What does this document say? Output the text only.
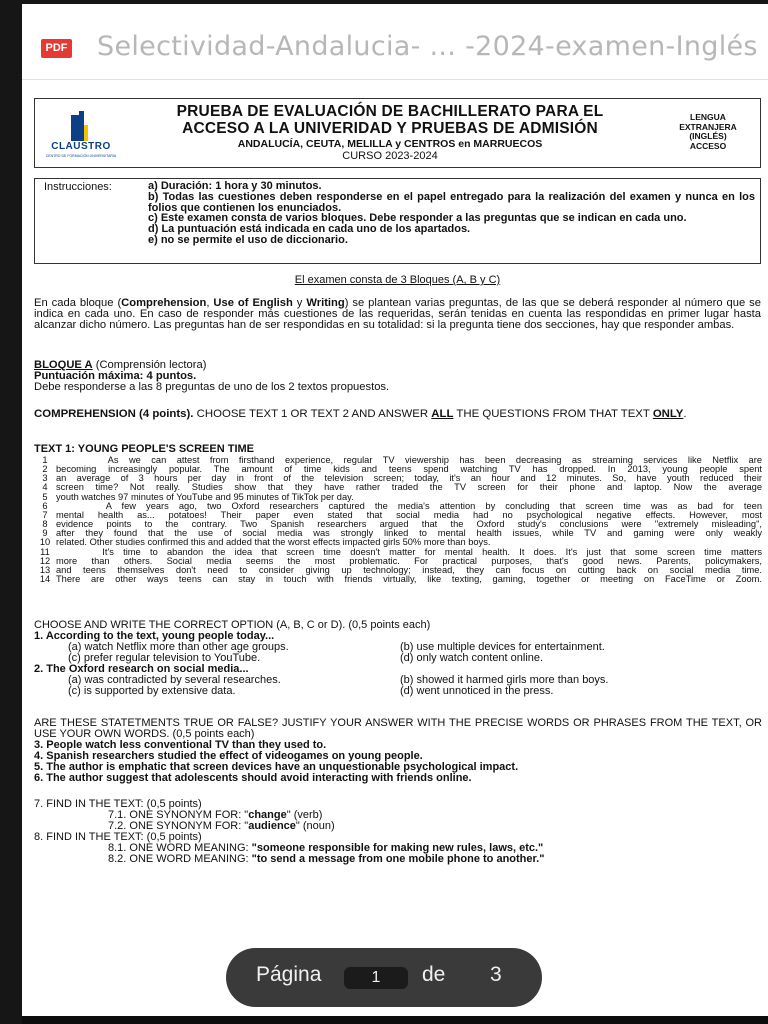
PDF Selectividad-Andalucia- ... -2024-examen-Inglés
CLAUSTRO
CENTRO DE FORMACIÓN UNIVERSITARIA
PRUEBA DE EVALUACIÓN DE BACHILLERATO PARA EL
ACCESO A LA UNIVERIDAD Y PRUEBAS DE ADMISIÓN
ANDALUCÍA, CEUTA, MELILLA y CENTROS en MARRUECOS
CURSO 2023-2024
LENGUA
EXTRANJERA
(INGLÉS)
ACCESO
Instrucciones:	a) Duración: 1 hora y 30 minutos.
b) Todas las cuestiones deben responderse en el papel entregado para la realización del examen y nunca en los folios que contienen los enunciados.
c) Este examen consta de varios bloques. Debe responder a las preguntas que se indican en cada uno.
d) La puntuación está indicada en cada uno de los apartados.
e) no se permite el uso de diccionario.
El examen consta de 3 Bloques (A, B y C)
En cada bloque (Comprehension, Use of English y Writing) se plantean varias preguntas, de las que se deberá responder al número que se indica en cada uno. En caso de responder más cuestiones de las requeridas, serán tenidas en cuenta las respondidas en primer lugar hasta alcanzar dicho número. Las preguntas han de ser respondidas en su totalidad: si la pregunta tiene dos secciones, hay que responder ambas.
BLOQUE A (Comprensión lectora)
Puntuación máxima: 4 puntos.
Debe responderse a las 8 preguntas de uno de los 2 textos propuestos.
COMPREHENSION (4 points). CHOOSE TEXT 1 OR TEXT 2 AND ANSWER ALL THE QUESTIONS FROM THAT TEXT ONLY.
TEXT 1: YOUNG PEOPLE'S SCREEN TIME
1 As we can attest from firsthand experience, regular TV viewership has been decreasing as streaming services like Netflix are
2 becoming increasingly popular. The amount of time kids and teens spend watching TV has dropped. In 2013, young people spent
3 an average of 3 hours per day in front of the television screen; today, it's an hour and 12 minutes. So, have youth reduced their
4 screen time? Not really. Studies show that they have rather traded the TV screen for their phone and laptop. Now the average
5 youth watches 97 minutes of YouTube and 95 minutes of TikTok per day.
6 A few years ago, two Oxford researchers captured the media's attention by concluding that screen time was as bad for teen
7 mental health as... potatoes! Their paper even stated that social media had no psychological negative effects. However, most
8 evidence points to the contrary. Two Spanish researchers argued that the Oxford study's conclusions were "extremely misleading",
9 after they found that the use of social media was strongly linked to mental health issues, while TV and gaming were only weakly
10 related. Other studies confirmed this and added that the worst effects impacted girls 50% more than boys.
11 It's time to abandon the idea that screen time doesn't matter for mental health. It does. It's just that some screen time matters
12 more than others. Social media seems the most problematic. For practical purposes, that's good news. Parents, policymakers,
13 and teens themselves don't need to consider giving up technology; instead, they can focus on cutting back on social media time.
14 There are other ways teens can stay in touch with friends virtually, like texting, gaming, together or meeting on FaceTime or Zoom.
CHOOSE AND WRITE THE CORRECT OPTION (A, B, C or D). (0,5 points each)
1. According to the text, young people today...
(a) watch Netflix more than other age groups.	(b) use multiple devices for entertainment.
(c) prefer regular television to YouTube.	(d) only watch content online.
2. The Oxford research on social media...
(a) was contradicted by several researches.	(b) showed it harmed girls more than boys.
(c) is supported by extensive data.	(d) went unnoticed in the press.
ARE THESE STATETMENTS TRUE OR FALSE? JUSTIFY YOUR ANSWER WITH THE PRECISE WORDS OR PHRASES FROM THE TEXT, OR USE YOUR OWN WORDS. (0,5 points each)
3. People watch less conventional TV than they used to.
4. Spanish researchers studied the effect of videogames on young people.
5. The author is emphatic that screen devices have an unquestionable psychological impact.
6. The author suggest that adolescents should avoid interacting with friends online.
7. FIND IN THE TEXT: (0,5 points)
7.1. ONE SYNONYM FOR: "change" (verb)
7.2. ONE SYNONYM FOR: "audience" (noun)
8. FIND IN THE TEXT: (0,5 points)
8.1. ONE WORD MEANING: "someone responsible for making new rules, laws, etc."
8.2. ONE WORD MEANING: "to send a message from one mobile phone to another."
Página	1	de 3
